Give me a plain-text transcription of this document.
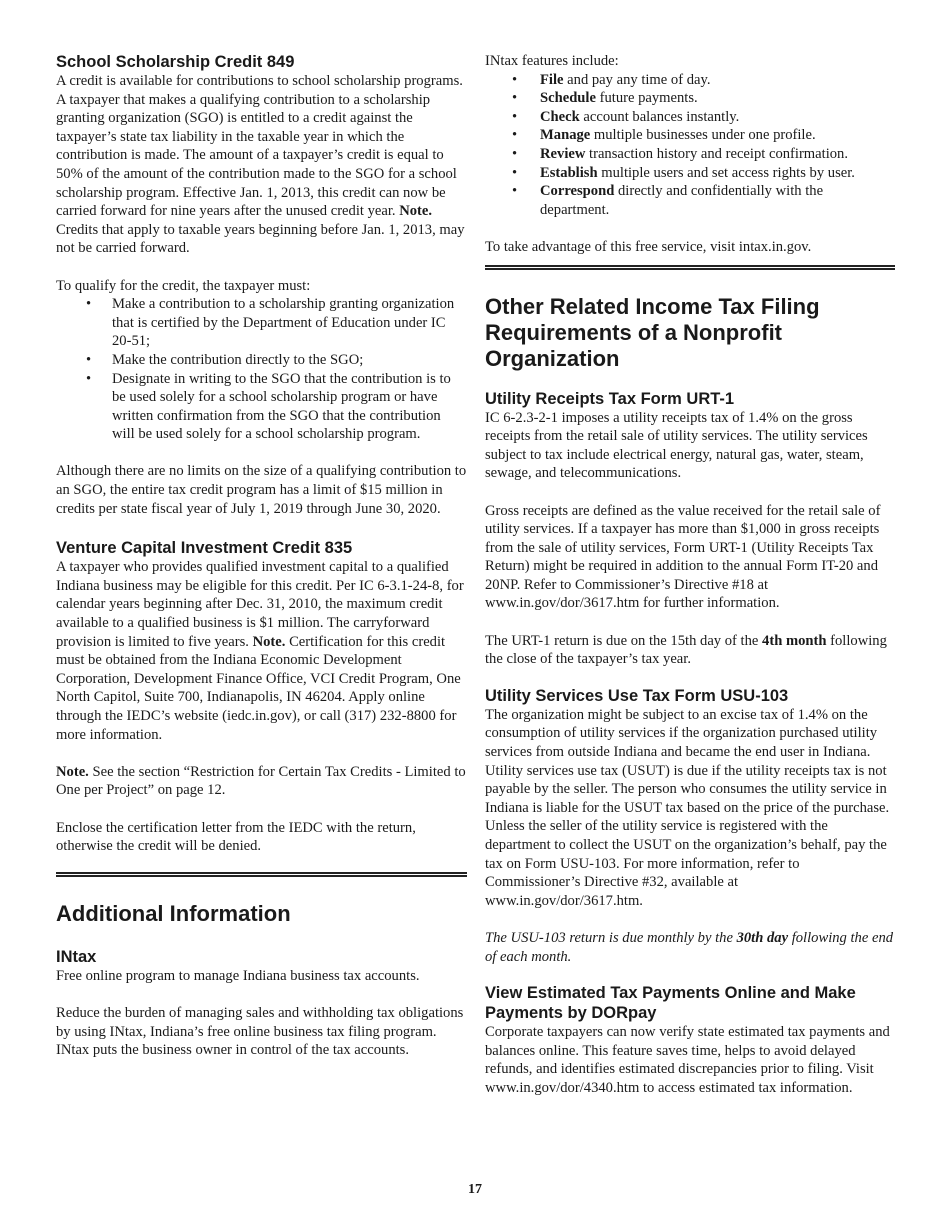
School Scholarship Credit 849

A credit is available for contributions to school scholarship programs. A taxpayer that makes a qualifying contribution to a scholarship granting organization (SGO) is entitled to a credit against the taxpayer’s state tax liability in the taxable year in which the contribution is made. The amount of a taxpayer’s credit is equal to 50% of the amount of the contribution made to the SGO for a school scholarship program. Effective Jan. 1, 2013, this credit can now be carried forward for nine years after the unused credit year. Note. Credits that apply to taxable years beginning before Jan. 1, 2013, may not be carried forward.

To qualify for the credit, the taxpayer must:

• Make a contribution to a scholarship granting organization that is certified by the Department of Education under IC 20-51;
• Make the contribution directly to the SGO;
• Designate in writing to the SGO that the contribution is to be used solely for a school scholarship program or have written confirmation from the SGO that the contribution will be used solely for a school scholarship program.

Although there are no limits on the size of a qualifying contribution to an SGO, the entire tax credit program has a limit of $15 million in credits per state fiscal year of July 1, 2019 through June 30, 2020.

Venture Capital Investment Credit 835

A taxpayer who provides qualified investment capital to a qualified Indiana business may be eligible for this credit. Per IC 6-3.1-24-8, for calendar years beginning after Dec. 31, 2010, the maximum credit available to a qualified business is $1 million. The carryforward provision is limited to five years. Note. Certification for this credit must be obtained from the Indiana Economic Development Corporation, Development Finance Office, VCI Credit Program, One North Capitol, Suite 700, Indianapolis, IN 46204. Apply online through the IEDC’s website (iedc.in.gov), or call (317) 232-8800 for more information.

Note. See the section “Restriction for Certain Tax Credits - Limited to One per Project” on page 12.

Enclose the certification letter from the IEDC with the return, otherwise the credit will be denied.

Additional Information
INtax

Free online program to manage Indiana business tax accounts.

Reduce the burden of managing sales and withholding tax obligations by using INtax, Indiana’s free online business tax filing program. INtax puts the business owner in control of the tax accounts.

INtax features include:

• File and pay any time of day.
• Schedule future payments.
• Check account balances instantly.
• Manage multiple businesses under one profile.
• Review transaction history and receipt confirmation.
• Establish multiple users and set access rights by user.
• Correspond directly and confidentially with the department.

To take advantage of this free service, visit intax.in.gov.

Other Related Income Tax Filing Requirements of a Nonprofit Organization
Utility Receipts Tax Form URT-1

IC 6-2.3-2-1 imposes a utility receipts tax of 1.4% on the gross receipts from the retail sale of utility services. The utility services subject to tax include electrical energy, natural gas, water, steam, sewage, and telecommunications.

Gross receipts are defined as the value received for the retail sale of utility services. If a taxpayer has more than $1,000 in gross receipts from the sale of utility services, Form URT-1 (Utility Receipts Tax Return) might be required in addition to the annual Form IT-20 and 20NP. Refer to Commissioner’s Directive #18 at www.in.gov/dor/3617.htm for further information.

The URT-1 return is due on the 15th day of the 4th month following the close of the taxpayer’s tax year.

Utility Services Use Tax Form USU-103

The organization might be subject to an excise tax of 1.4% on the consumption of utility services if the organization purchased utility services from outside Indiana and became the end user in Indiana. Utility services use tax (USUT) is due if the utility receipts tax is not payable by the seller. The person who consumes the utility service in Indiana is liable for the USUT tax based on the price of the purchase. Unless the seller of the utility service is registered with the department to collect the USUT on the organization’s behalf, pay the tax on Form USU-103. For more information, refer to Commissioner’s Directive #32, available at www.in.gov/dor/3617.htm.

The USU-103 return is due monthly by the 30th day following the end of each month.

View Estimated Tax Payments Online and Make Payments by DORpay

Corporate taxpayers can now verify state estimated tax payments and balances online. This feature saves time, helps to avoid delayed refunds, and identifies estimated discrepancies prior to filing. Visit www.in.gov/dor/4340.htm to access estimated tax information.

17
